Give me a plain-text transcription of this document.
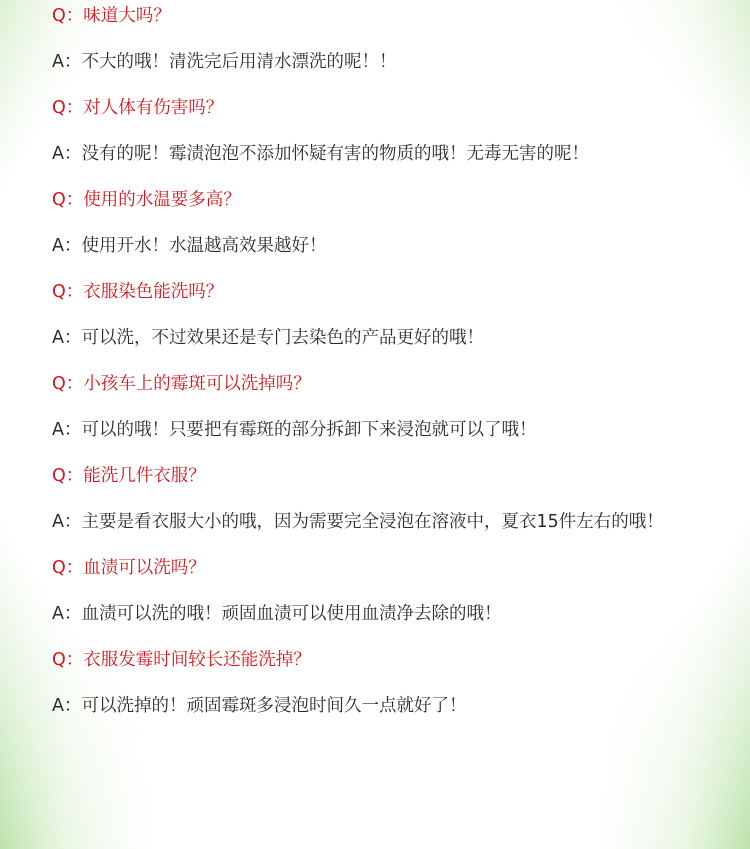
Q：味道大吗？
A：不大的哦！清洗完后用清水漂洗的呢！！
Q：对人体有伤害吗？
A：没有的呢！霉渍泡泡不添加怀疑有害的物质的哦！无毒无害的呢！
Q：使用的水温要多高？
A：使用开水！水温越高效果越好！
Q：衣服染色能洗吗？
A：可以洗，不过效果还是专门去染色的产品更好的哦！
Q：小孩车上的霉斑可以洗掉吗？
A：可以的哦！只要把有霉斑的部分拆卸下来浸泡就可以了哦！
Q：能洗几件衣服？
A：主要是看衣服大小的哦，因为需要完全浸泡在溶液中，夏衣15件左右的哦！
Q：血渍可以洗吗？
A：血渍可以洗的哦！顽固血渍可以使用血渍净去除的哦！
Q：衣服发霉时间较长还能洗掉？
A：可以洗掉的！顽固霉斑多浸泡时间久一点就好了！
